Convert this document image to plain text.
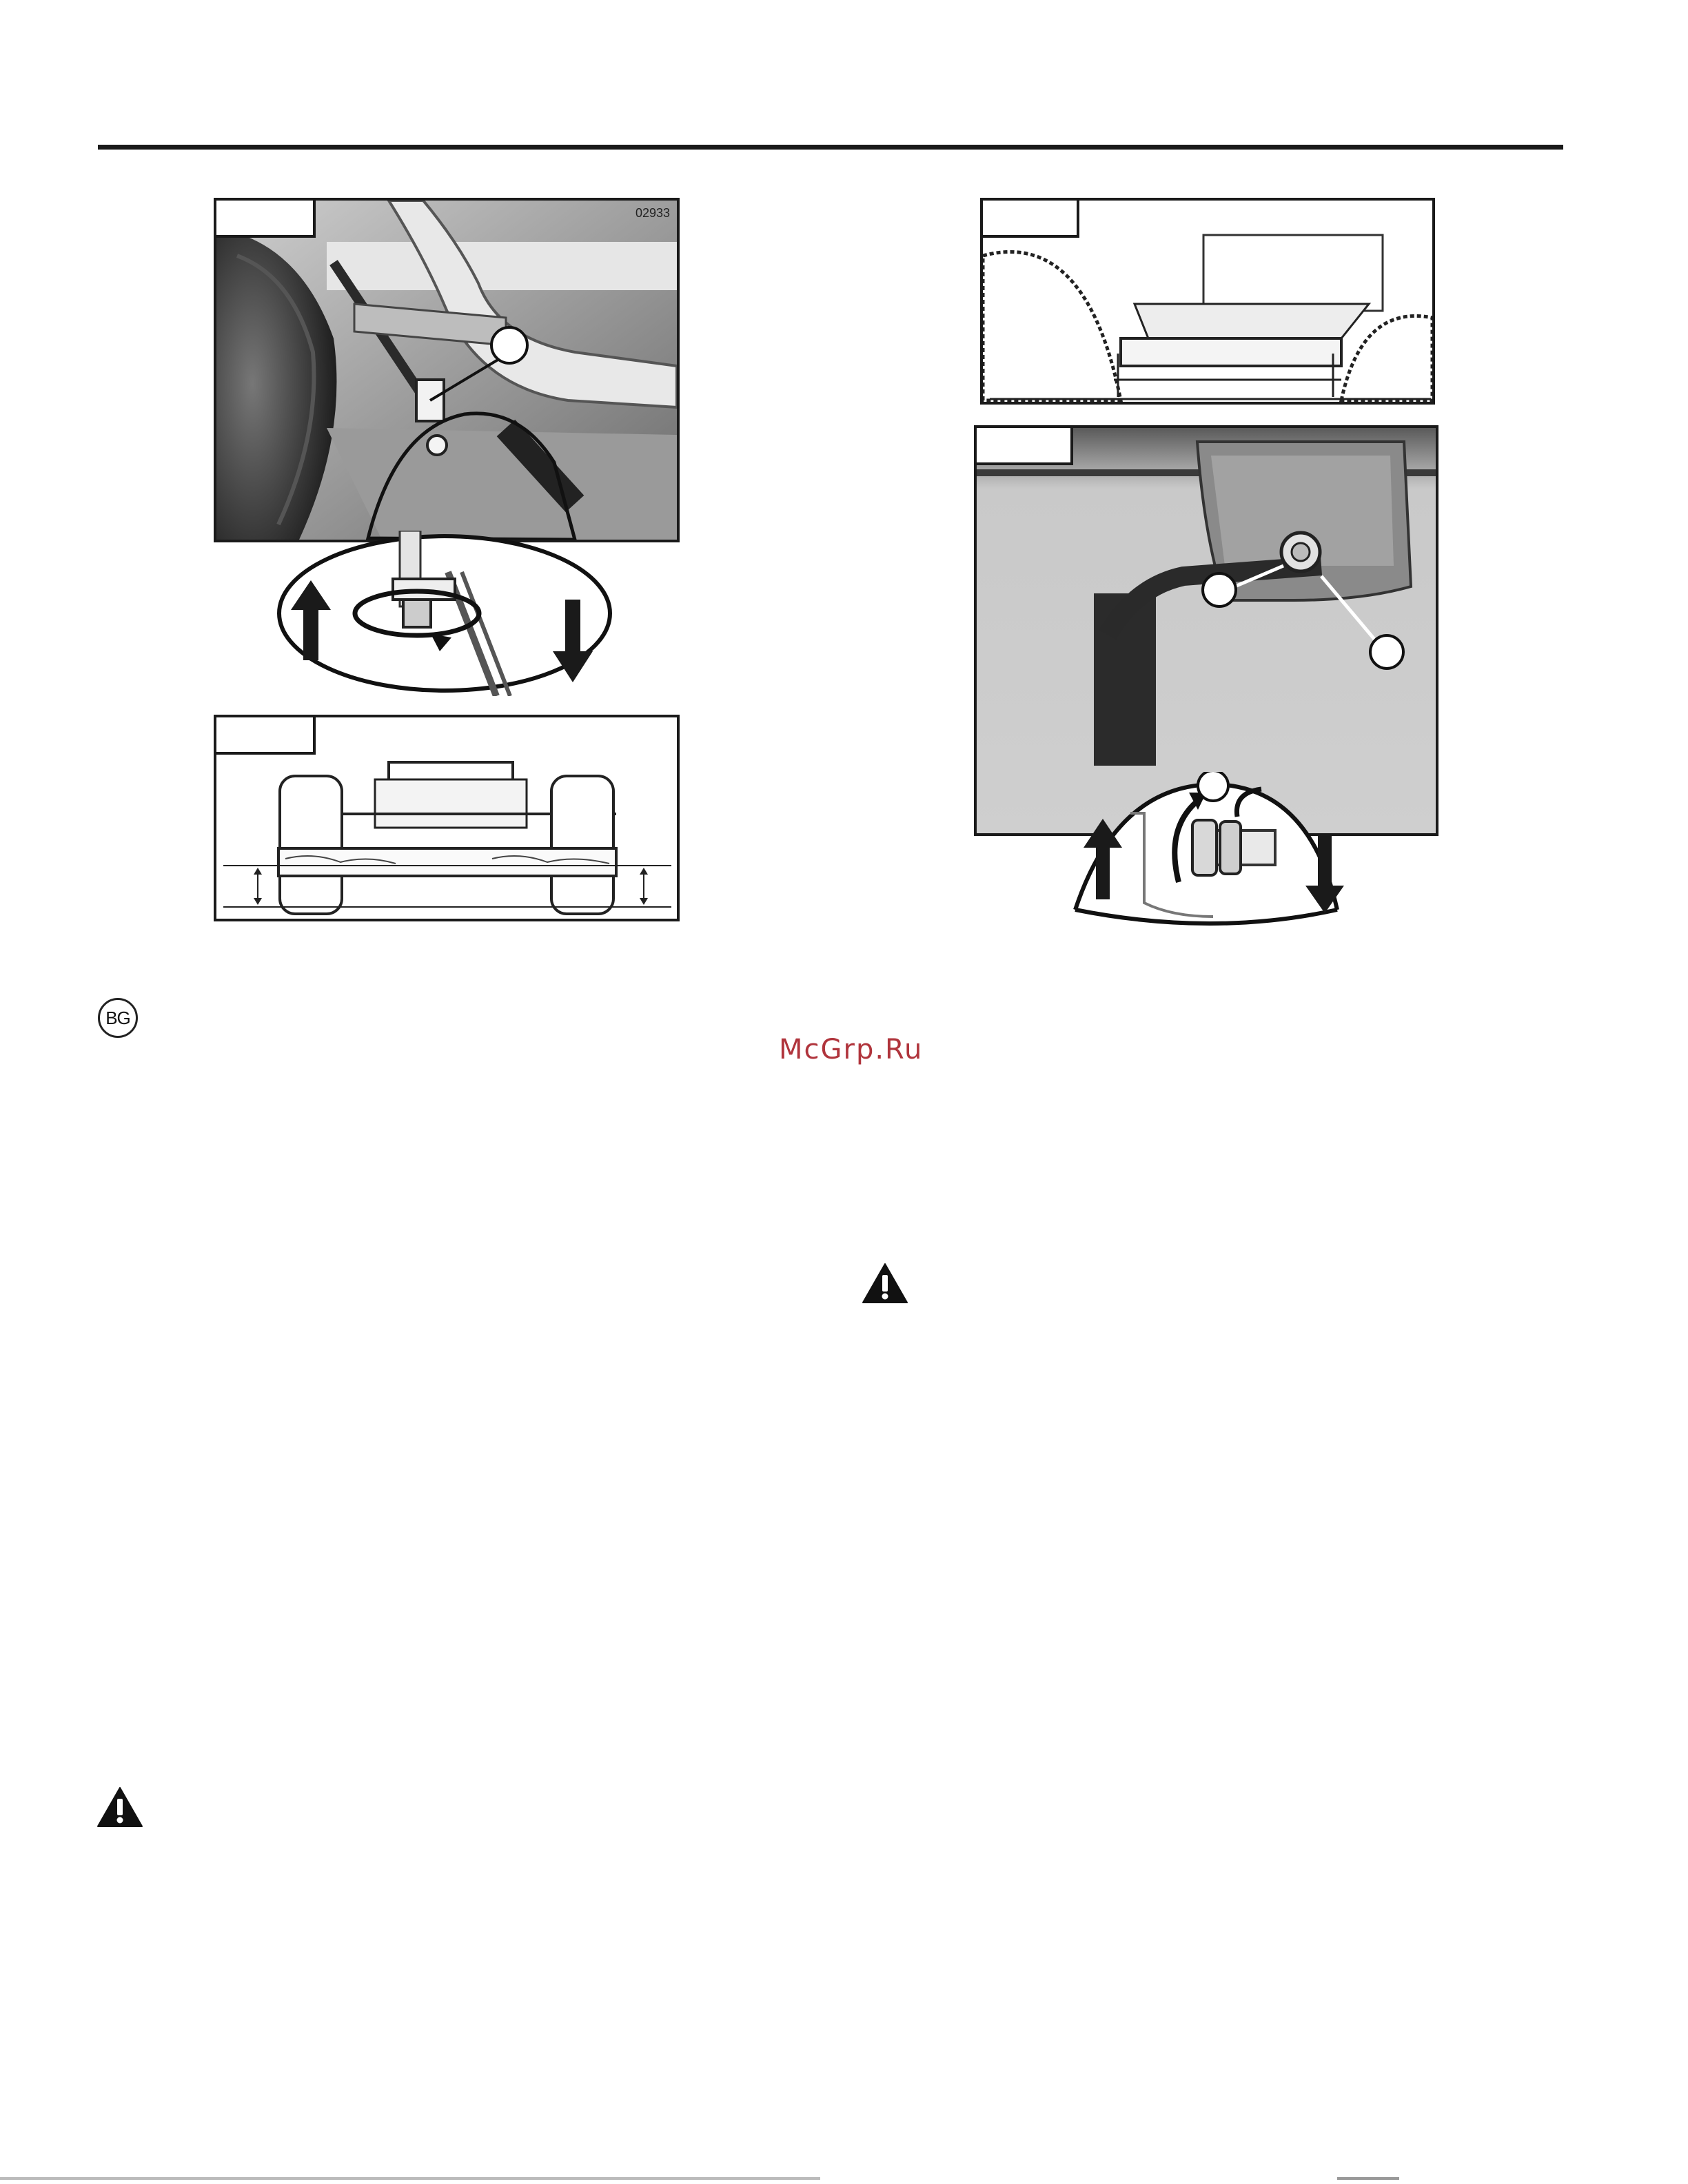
02933
BG
McGrp.Ru
